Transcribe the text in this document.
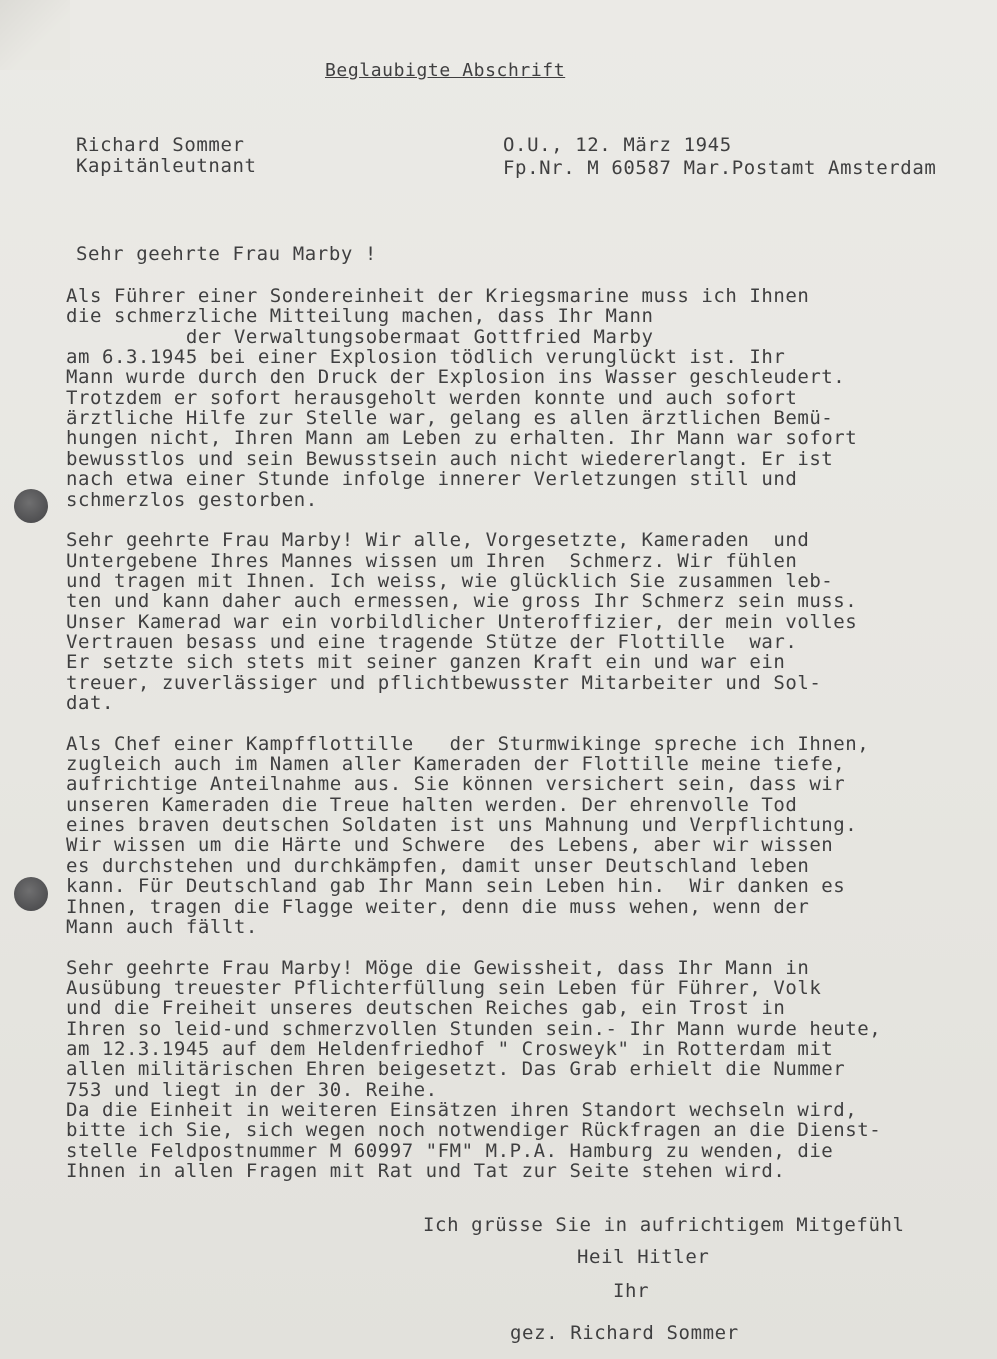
Beglaubigte Abschrift
Richard Sommer
Kapitänleutnant
O.U., 12. März 1945
Fp.Nr. M 60587 Mar.Postamt Amsterdam
Sehr geehrte Frau Marby !
Als Führer einer Sondereinheit der Kriegsmarine muss ich Ihnen
die schmerzliche Mitteilung machen, dass Ihr Mann
der Verwaltungsobermaat Gottfried Marby
am 6.3.1945 bei einer Explosion tödlich verunglückt ist. Ihr
Mann wurde durch den Druck der Explosion ins Wasser geschleudert.
Trotzdem er sofort herausgeholt werden konnte und auch sofort
ärztliche Hilfe zur Stelle war, gelang es allen ärztlichen Bemü-
hungen nicht, Ihren Mann am Leben zu erhalten. Ihr Mann war sofort
bewusstlos und sein Bewusstsein auch nicht wiedererlangt. Er ist
nach etwa einer Stunde infolge innerer Verletzungen still und
schmerzlos gestorben.
Sehr geehrte Frau Marby! Wir alle, Vorgesetzte, Kameraden  und
Untergebene Ihres Mannes wissen um Ihren  Schmerz. Wir fühlen
und tragen mit Ihnen. Ich weiss, wie glücklich Sie zusammen leb-
ten und kann daher auch ermessen, wie gross Ihr Schmerz sein muss.
Unser Kamerad war ein vorbildlicher Unteroffizier, der mein volles
Vertrauen besass und eine tragende Stütze der Flottille  war.
Er setzte sich stets mit seiner ganzen Kraft ein und war ein
treuer, zuverlässiger und pflichtbewusster Mitarbeiter und Sol-
dat.
Als Chef einer Kampfflottille   der Sturmwikinge spreche ich Ihnen,
zugleich auch im Namen aller Kameraden der Flottille meine tiefe,
aufrichtige Anteilnahme aus. Sie können versichert sein, dass wir
unseren Kameraden die Treue halten werden. Der ehrenvolle Tod
eines braven deutschen Soldaten ist uns Mahnung und Verpflichtung.
Wir wissen um die Härte und Schwere  des Lebens, aber wir wissen
es durchstehen und durchkämpfen, damit unser Deutschland leben
kann. Für Deutschland gab Ihr Mann sein Leben hin.  Wir danken es
Ihnen, tragen die Flagge weiter, denn die muss wehen, wenn der
Mann auch fällt.
Sehr geehrte Frau Marby! Möge die Gewissheit, dass Ihr Mann in
Ausübung treuester Pflichterfüllung sein Leben für Führer, Volk
und die Freiheit unseres deutschen Reiches gab, ein Trost in
Ihren so leid-und schmerzvollen Stunden sein.- Ihr Mann wurde heute,
am 12.3.1945 auf dem Heldenfriedhof " Crosweyk" in Rotterdam mit
allen militärischen Ehren beigesetzt. Das Grab erhielt die Nummer
753 und liegt in der 30. Reihe.
Da die Einheit in weiteren Einsätzen ihren Standort wechseln wird,
bitte ich Sie, sich wegen noch notwendiger Rückfragen an die Dienst-
stelle Feldpostnummer M 60997 "FM" M.P.A. Hamburg zu wenden, die
Ihnen in allen Fragen mit Rat und Tat zur Seite stehen wird.
Ich grüsse Sie in aufrichtigem Mitgefühl
Heil Hitler
Ihr
gez. Richard Sommer
